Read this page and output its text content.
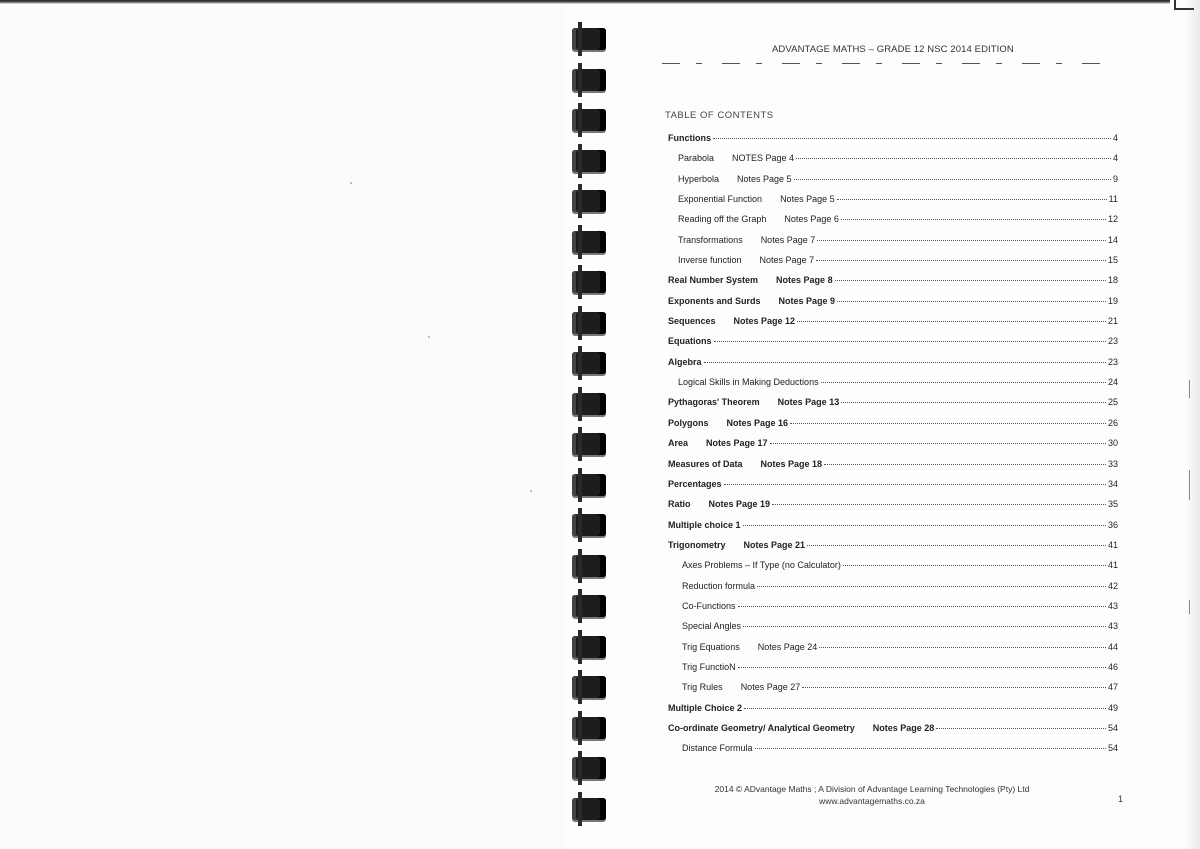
ADVANTAGE MATHS – GRADE 12 NSC 2014 EDITION
TABLE OF CONTENTS
Functions	4
Parabola NOTES Page 4	4
Hyperbola Notes Page 5	9
Exponential Function Notes Page 5	11
Reading off the Graph Notes Page 6	12
Transformations Notes Page 7	14
Inverse function Notes Page 7	15
Real Number System Notes Page 8	18
Exponents and Surds Notes Page 9	19
Sequences Notes Page 12	21
Equations	23
Algebra	23
Logical Skills in Making Deductions	24
Pythagoras' Theorem Notes Page 13	25
Polygons Notes Page 16	26
Area Notes Page 17	30
Measures of Data Notes Page 18	33
Percentages	34
Ratio Notes Page 19	35
Multiple choice 1	36
Trigonometry Notes Page 21	41
Axes Problems – If Type (no Calculator)	41
Reduction formula	42
Co-Functions	43
Special Angles	43
Trig Equations Notes Page 24	44
Trig FunctioN	46
Trig Rules Notes Page 27	47
Multiple Choice 2	49
Co-ordinate Geometry/ Analytical Geometry Notes Page 28	54
Distance Formula	54
1
2014 © ADvantage Maths ; A Division of Advantage Learning Technologies (Pty) Ltd
www.advantagemaths.co.za
